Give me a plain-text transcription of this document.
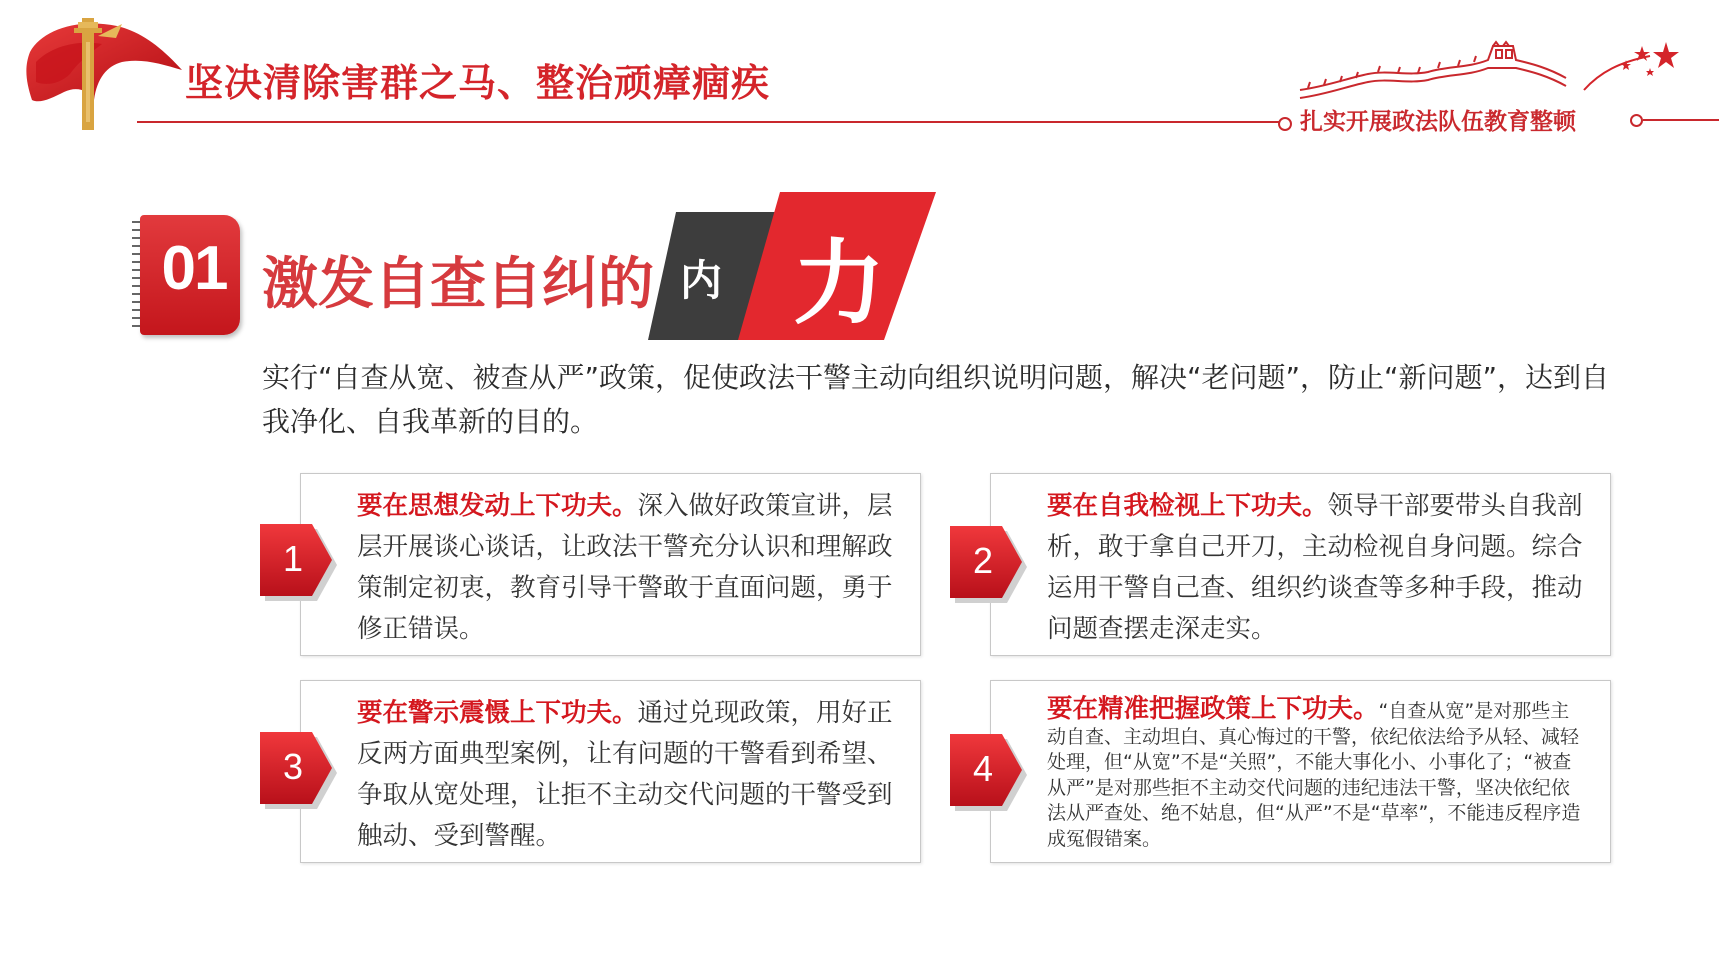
坚决清除害群之马、整治顽瘴痼疾
扎实开展政法队伍教育整顿
01 激发自查自纠的 内 力
实行“自查从宽、被查从严”政策，促使政法干警主动向组织说明问题，解决“老问题”，防止“新问题”，达到自我净化、自我革新的目的。
要在思想发动上下功夫。深入做好政策宣讲，层层开展谈心谈话，让政法干警充分认识和理解政策制定初衷，教育引导干警敢于直面问题，勇于修正错误。
1
要在自我检视上下功夫。领导干部要带头自我剖析，敢于拿自己开刀，主动检视自身问题。综合运用干警自己查、组织约谈查等多种手段，推动问题查摆走深走实。
2
要在警示震慑上下功夫。通过兑现政策，用好正反两方面典型案例，让有问题的干警看到希望、争取从宽处理，让拒不主动交代问题的干警受到触动、受到警醒。
3
要在精准把握政策上下功夫。“自查从宽”是对那些主动自查、主动坦白、真心悔过的干警，依纪依法给予从轻、减轻处理，但“从宽”不是“关照”，不能大事化小、小事化了；“被查从严”是对那些拒不主动交代问题的违纪违法干警，坚决依纪依法从严查处、绝不姑息，但“从严”不是“草率”，不能违反程序造成冤假错案。
4
